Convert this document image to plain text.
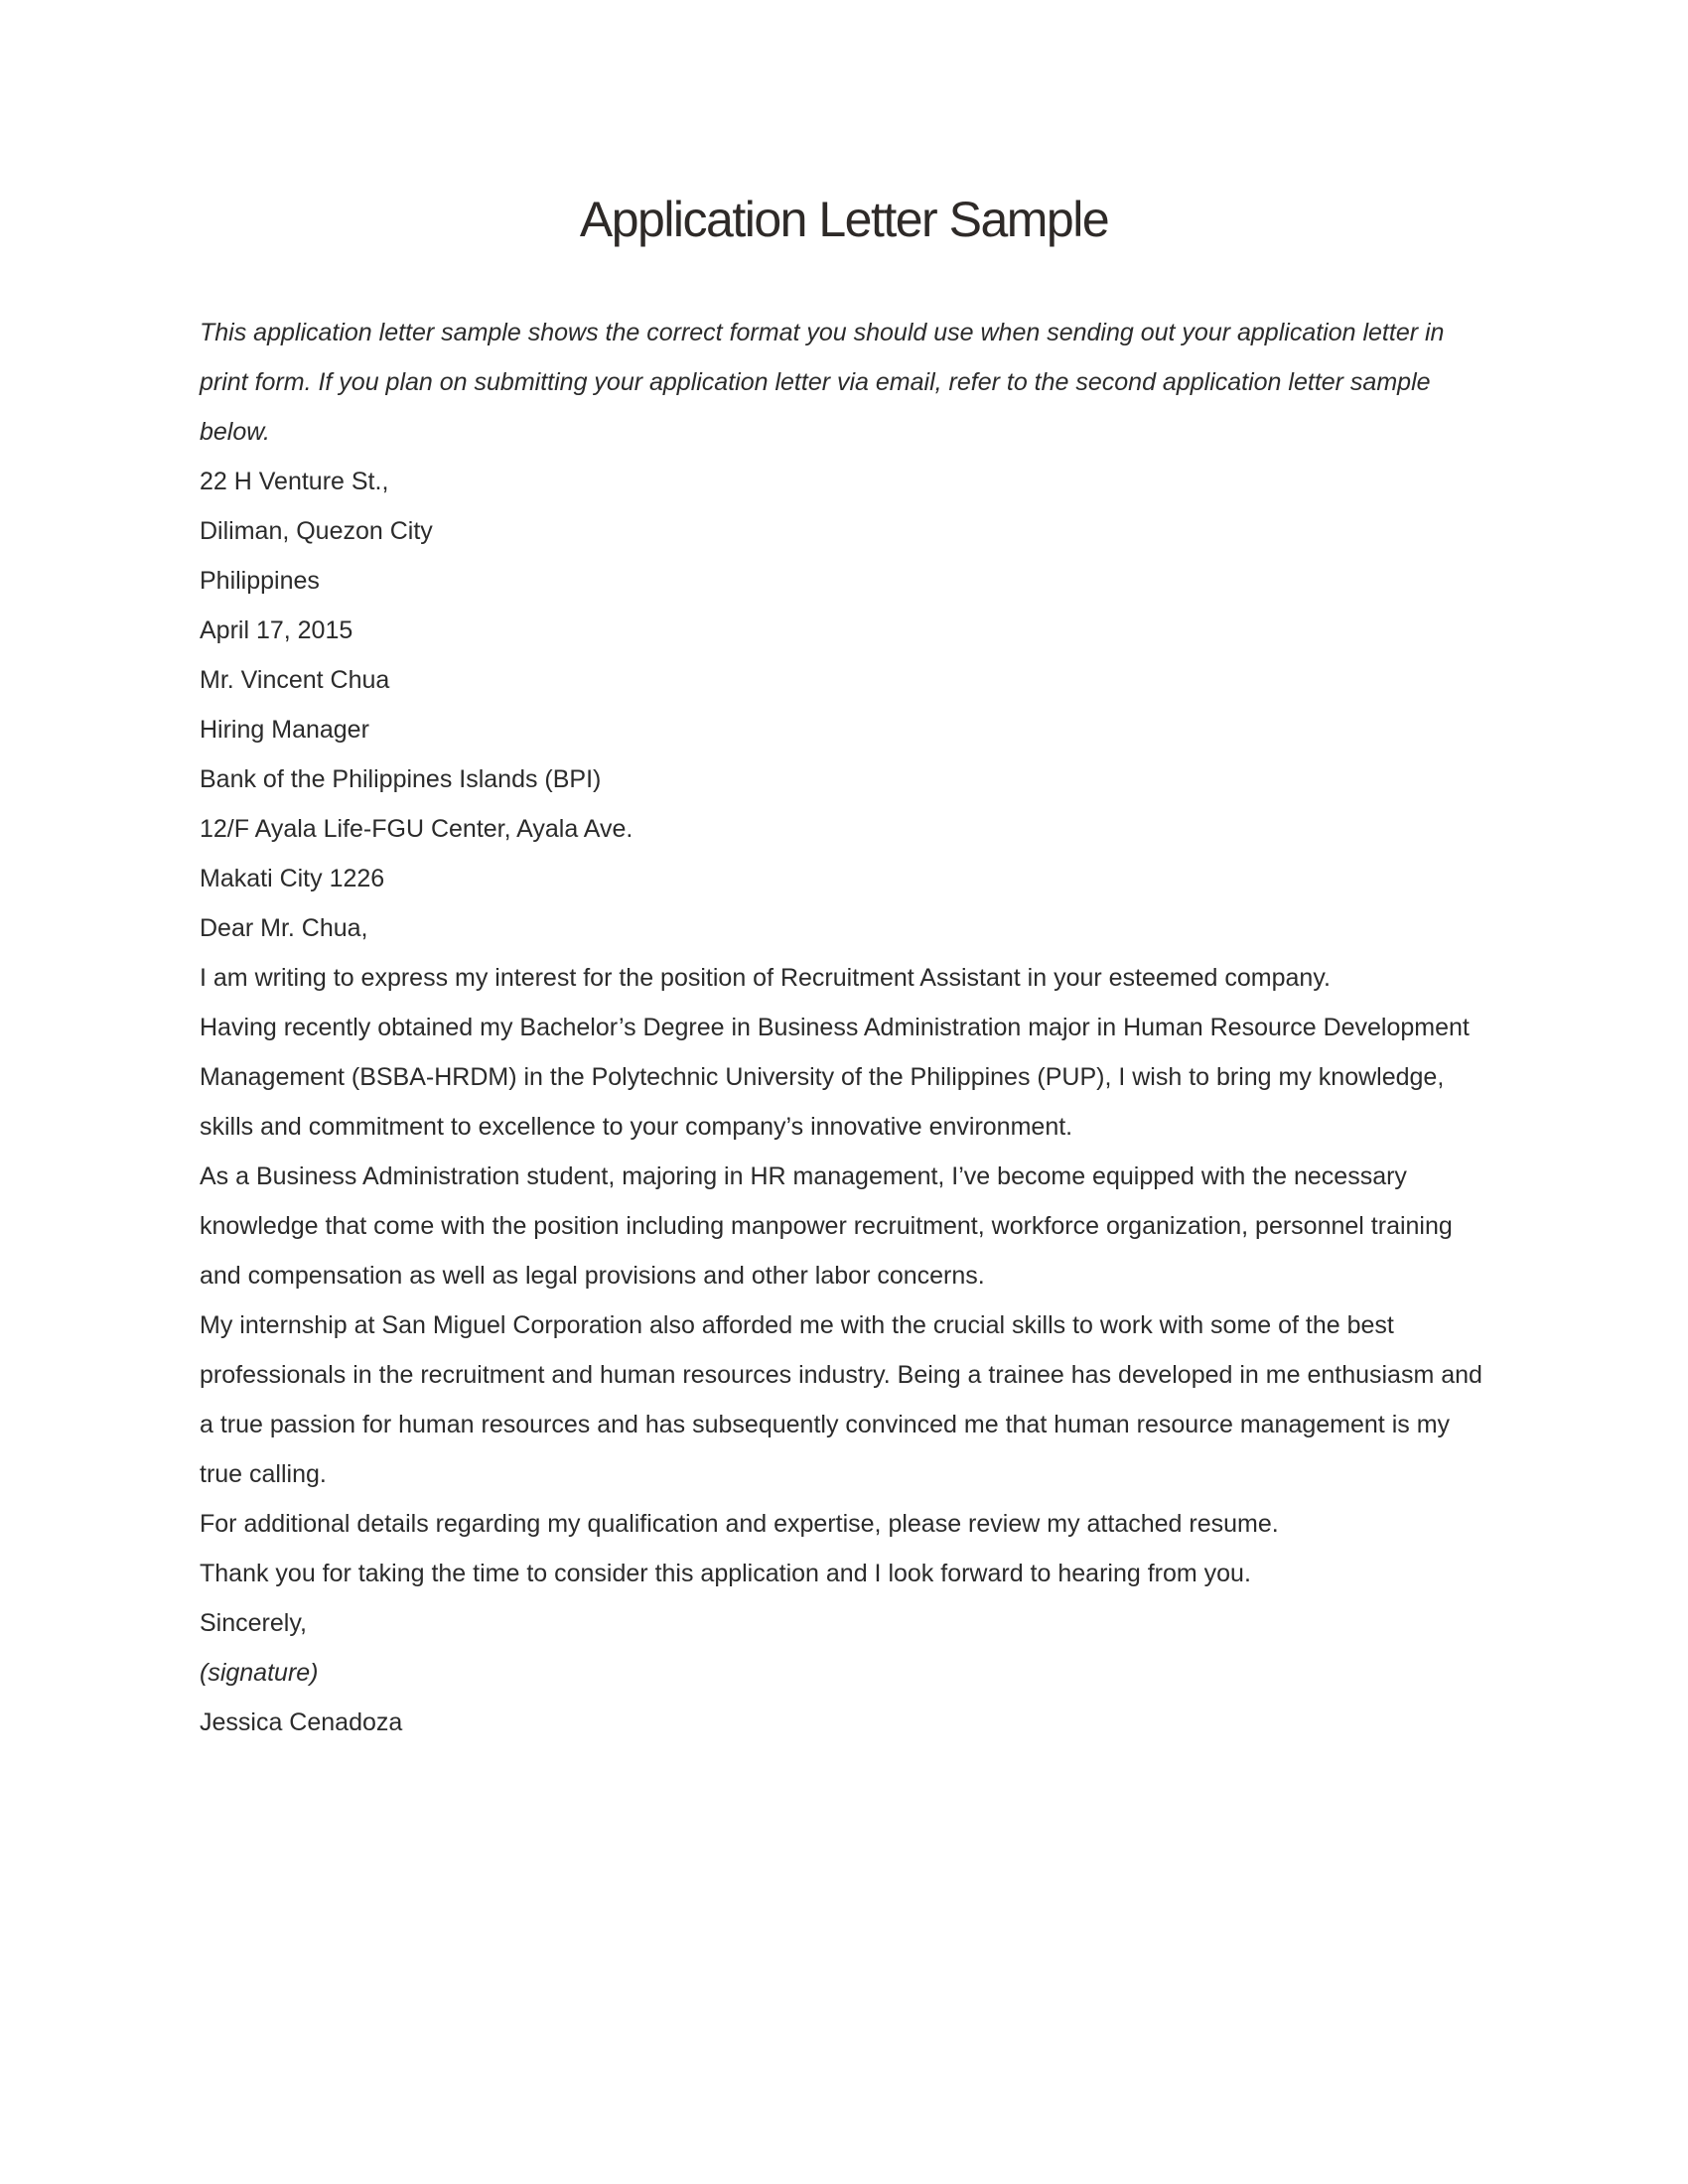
Application Letter Sample

This application letter sample shows the correct format you should use when sending out your application letter in print form. If you plan on submitting your application letter via email, refer to the second application letter sample below.

22 H Venture St.,

Diliman, Quezon City

Philippines

April 17, 2015

Mr. Vincent Chua

Hiring Manager

Bank of the Philippines Islands (BPI)

12/F Ayala Life-FGU Center, Ayala Ave.

Makati City 1226

Dear Mr. Chua,

I am writing to express my interest for the position of Recruitment Assistant in your esteemed company.

Having recently obtained my Bachelor’s Degree in Business Administration major in Human Resource Development Management (BSBA-HRDM) in the Polytechnic University of the Philippines (PUP), I wish to bring my knowledge, skills and commitment to excellence to your company’s innovative environment.

As a Business Administration student, majoring in HR management, I’ve become equipped with the necessary knowledge that come with the position including manpower recruitment, workforce organization, personnel training and compensation as well as legal provisions and other labor concerns.

My internship at San Miguel Corporation also afforded me with the crucial skills to work with some of the best professionals in the recruitment and human resources industry. Being a trainee has developed in me enthusiasm and a true passion for human resources and has subsequently convinced me that human resource management is my true calling.

For additional details regarding my qualification and expertise, please review my attached resume.

Thank you for taking the time to consider this application and I look forward to hearing from you.

Sincerely,

(signature)

Jessica Cenadoza
